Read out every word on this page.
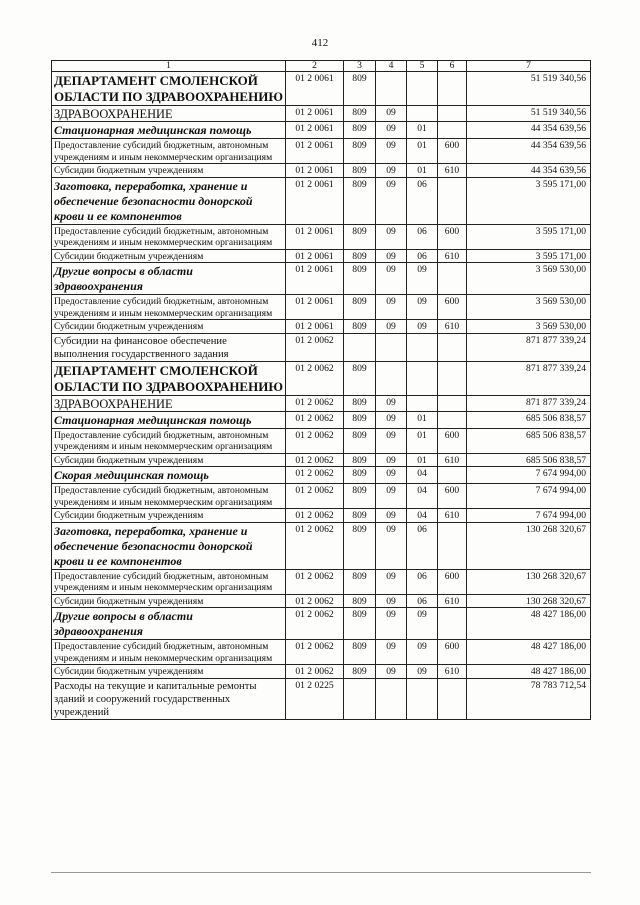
412
1	2	3	4	5	6	7
ДЕПАРТАМЕНТ СМОЛЕНСКОЙ ОБЛАСТИ ПО ЗДРАВООХРАНЕНИЮ	01 2 0061	809				51 519 340,56
ЗДРАВООХРАНЕНИЕ	01 2 0061	809	09			51 519 340,56
Стационарная медицинская помощь	01 2 0061	809	09	01		44 354 639,56
Предоставление субсидий бюджетным, автономным учреждениям и иным некоммерческим организациям	01 2 0061	809	09	01	600	44 354 639,56
Субсидии бюджетным учреждениям	01 2 0061	809	09	01	610	44 354 639,56
Заготовка, переработка, хранение и обеспечение безопасности донорской крови и ее компонентов	01 2 0061	809	09	06		3 595 171,00
Предоставление субсидий бюджетным, автономным учреждениям и иным некоммерческим организациям	01 2 0061	809	09	06	600	3 595 171,00
Субсидии бюджетным учреждениям	01 2 0061	809	09	06	610	3 595 171,00
Другие вопросы в области здравоохранения	01 2 0061	809	09	09		3 569 530,00
Предоставление субсидий бюджетным, автономным учреждениям и иным некоммерческим организациям	01 2 0061	809	09	09	600	3 569 530,00
Субсидии бюджетным учреждениям	01 2 0061	809	09	09	610	3 569 530,00
Субсидии на финансовое обеспечение выполнения государственного задания	01 2 0062					871 877 339,24
ДЕПАРТАМЕНТ СМОЛЕНСКОЙ ОБЛАСТИ ПО ЗДРАВООХРАНЕНИЮ	01 2 0062	809				871 877 339,24
ЗДРАВООХРАНЕНИЕ	01 2 0062	809	09			871 877 339,24
Стационарная медицинская помощь	01 2 0062	809	09	01		685 506 838,57
Предоставление субсидий бюджетным, автономным учреждениям и иным некоммерческим организациям	01 2 0062	809	09	01	600	685 506 838,57
Субсидии бюджетным учреждениям	01 2 0062	809	09	01	610	685 506 838,57
Скорая медицинская помощь	01 2 0062	809	09	04		7 674 994,00
Предоставление субсидий бюджетным, автономным учреждениям и иным некоммерческим организациям	01 2 0062	809	09	04	600	7 674 994,00
Субсидии бюджетным учреждениям	01 2 0062	809	09	04	610	7 674 994,00
Заготовка, переработка, хранение и обеспечение безопасности донорской крови и ее компонентов	01 2 0062	809	09	06		130 268 320,67
Предоставление субсидий бюджетным, автономным учреждениям и иным некоммерческим организациям	01 2 0062	809	09	06	600	130 268 320,67
Субсидии бюджетным учреждениям	01 2 0062	809	09	06	610	130 268 320,67
Другие вопросы в области здравоохранения	01 2 0062	809	09	09		48 427 186,00
Предоставление субсидий бюджетным, автономным учреждениям и иным некоммерческим организациям	01 2 0062	809	09	09	600	48 427 186,00
Субсидии бюджетным учреждениям	01 2 0062	809	09	09	610	48 427 186,00
Расходы на текущие и капитальные ремонты зданий и сооружений государственных учреждений	01 2 0225					78 783 712,54
